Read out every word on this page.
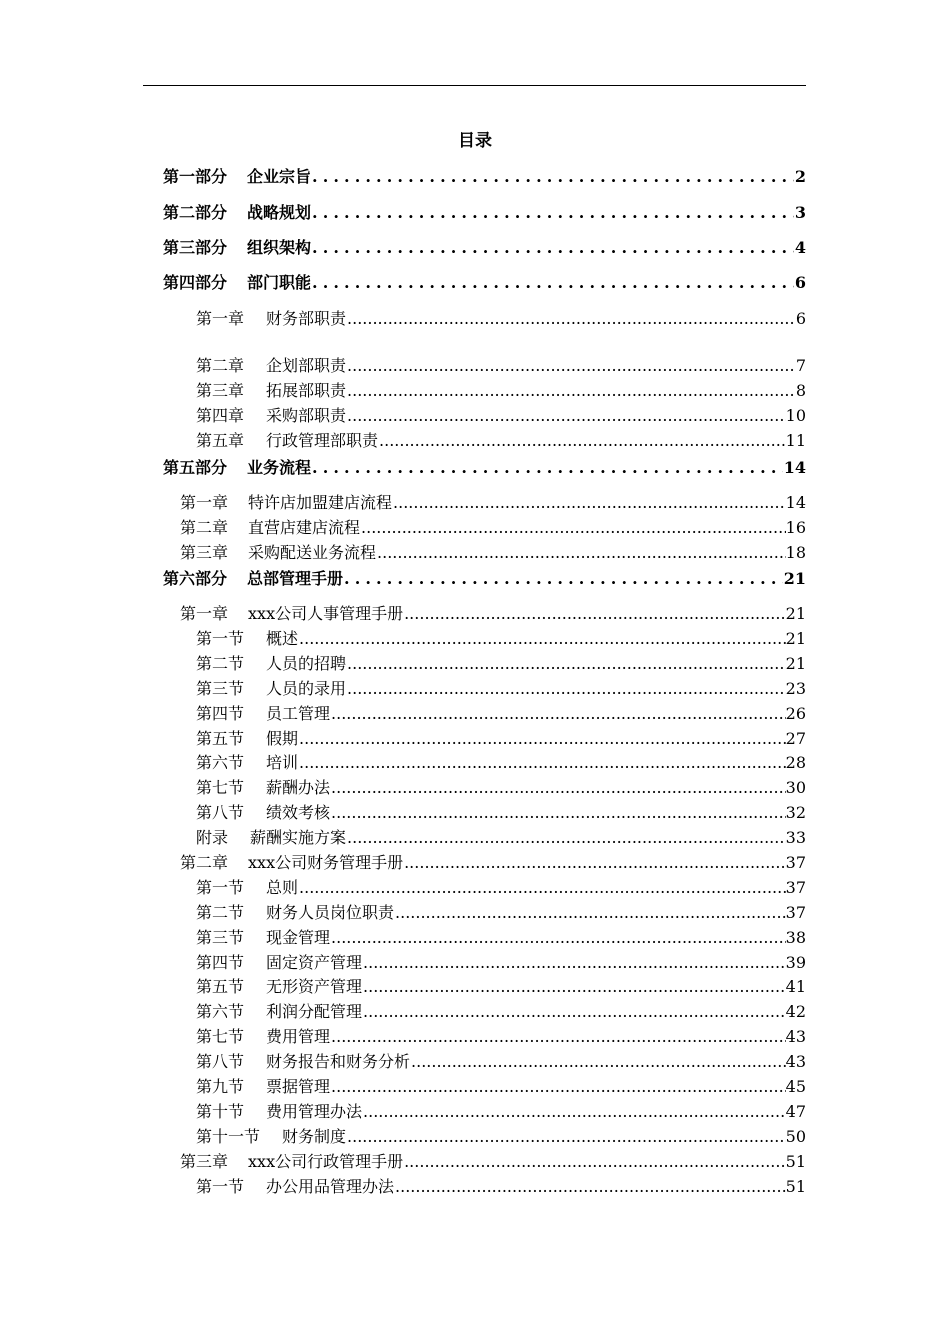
目录
第一部分 企业宗旨 .....	2
第二部分 战略规划 .....	3
第三部分 组织架构 .....	4
第四部分 部门职能 .....	6
第一章 财务部职责 .....	6
第二章 企划部职责 .....	7
第三章 拓展部职责 .....	8
第四章 采购部职责 .....	10
第五章 行政管理部职责 .....	11
第五部分 业务流程 .....	14
第一章 特许店加盟建店流程 .....	14
第二章 直营店建店流程 .....	16
第三章 采购配送业务流程 .....	18
第六部分 总部管理手册 .....	21
第一章 xxx公司人事管理手册 .....	21
第一节 概述 .....	21
第二节 人员的招聘 .....	21
第三节 人员的录用 .....	23
第四节 员工管理 .....	26
第五节 假期 .....	27
第六节 培训 .....	28
第七节 薪酬办法 .....	30
第八节 绩效考核 .....	32
附录 薪酬实施方案 .....	33
第二章 xxx公司财务管理手册 .....	37
第一节 总则 .....	37
第二节 财务人员岗位职责 .....	37
第三节 现金管理 .....	38
第四节 固定资产管理 .....	39
第五节 无形资产管理 .....	41
第六节 利润分配管理 .....	42
第七节 费用管理 .....	43
第八节 财务报告和财务分析 .....	43
第九节 票据管理 .....	45
第十节 费用管理办法 .....	47
第十一节 财务制度 .....	50
第三章 xxx公司行政管理手册 .....	51
第一节 办公用品管理办法 .....	51
